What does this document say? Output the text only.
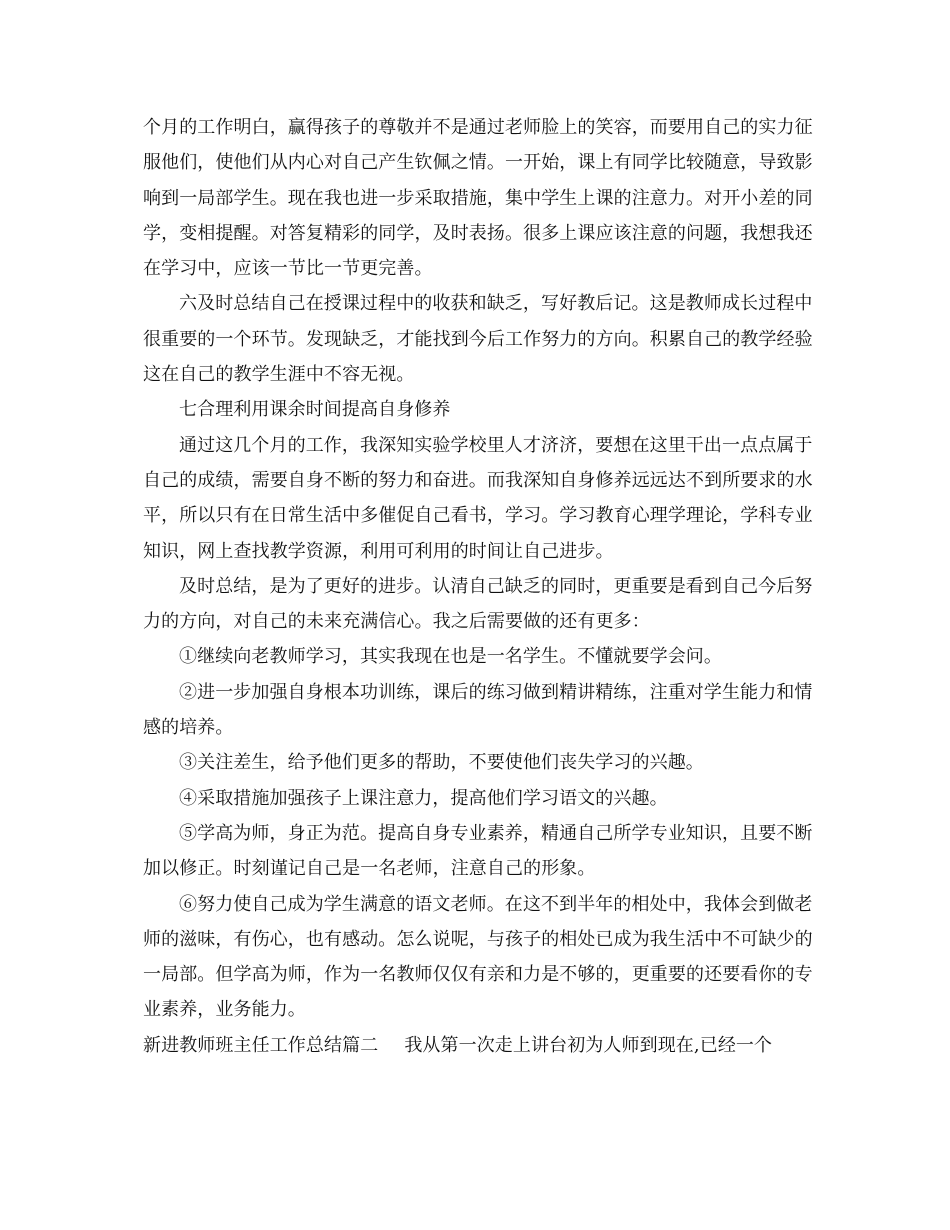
个月的工作明白，赢得孩子的尊敬并不是通过老师脸上的笑容，而要用自己的实力征服他们，使他们从内心对自己产生钦佩之情。一开始，课上有同学比较随意，导致影响到一局部学生。现在我也进一步采取措施，集中学生上课的注意力。对开小差的同学，变相提醒。对答复精彩的同学，及时表扬。很多上课应该注意的问题，我想我还在学习中，应该一节比一节更完善。

六及时总结自己在授课过程中的收获和缺乏，写好教后记。这是教师成长过程中很重要的一个环节。发现缺乏，才能找到今后工作努力的方向。积累自己的教学经验这在自己的教学生涯中不容无视。

七合理利用课余时间提高自身修养

通过这几个月的工作，我深知实验学校里人才济济，要想在这里干出一点点属于自己的成绩，需要自身不断的努力和奋进。而我深知自身修养远远达不到所要求的水平，所以只有在日常生活中多催促自己看书，学习。学习教育心理学理论，学科专业知识，网上查找教学资源，利用可利用的时间让自己进步。

及时总结，是为了更好的进步。认清自己缺乏的同时，更重要是看到自己今后努力的方向，对自己的未来充满信心。我之后需要做的还有更多：

①继续向老教师学习，其实我现在也是一名学生。不懂就要学会问。

②进一步加强自身根本功训练，课后的练习做到精讲精练，注重对学生能力和情感的培养。

③关注差生，给予他们更多的帮助，不要使他们丧失学习的兴趣。

④采取措施加强孩子上课注意力，提高他们学习语文的兴趣。

⑤学高为师，身正为范。提高自身专业素养，精通自己所学专业知识，且要不断加以修正。时刻谨记自己是一名老师，注意自己的形象。

⑥努力使自己成为学生满意的语文老师。在这不到半年的相处中，我体会到做老师的滋味，有伤心，也有感动。怎么说呢，与孩子的相处已成为我生活中不可缺少的一局部。但学高为师，作为一名教师仅仅有亲和力是不够的，更重要的还要看你的专业素养，业务能力。

新进教师班主任工作总结篇二 我从第一次走上讲台初为人师到现在,已经一个
